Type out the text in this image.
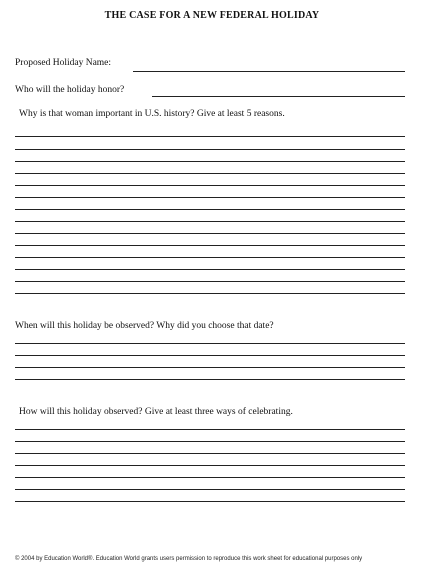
THE CASE FOR A NEW FEDERAL HOLIDAY
Proposed Holiday Name:
Who will the holiday honor?
Why is that woman important in U.S. history? Give at least 5 reasons.
When will this holiday be observed? Why did you choose that date?
How will this holiday observed? Give at least three ways of celebrating.
© 2004 by Education World®. Education World grants users permission to reproduce this work sheet for educational purposes only
